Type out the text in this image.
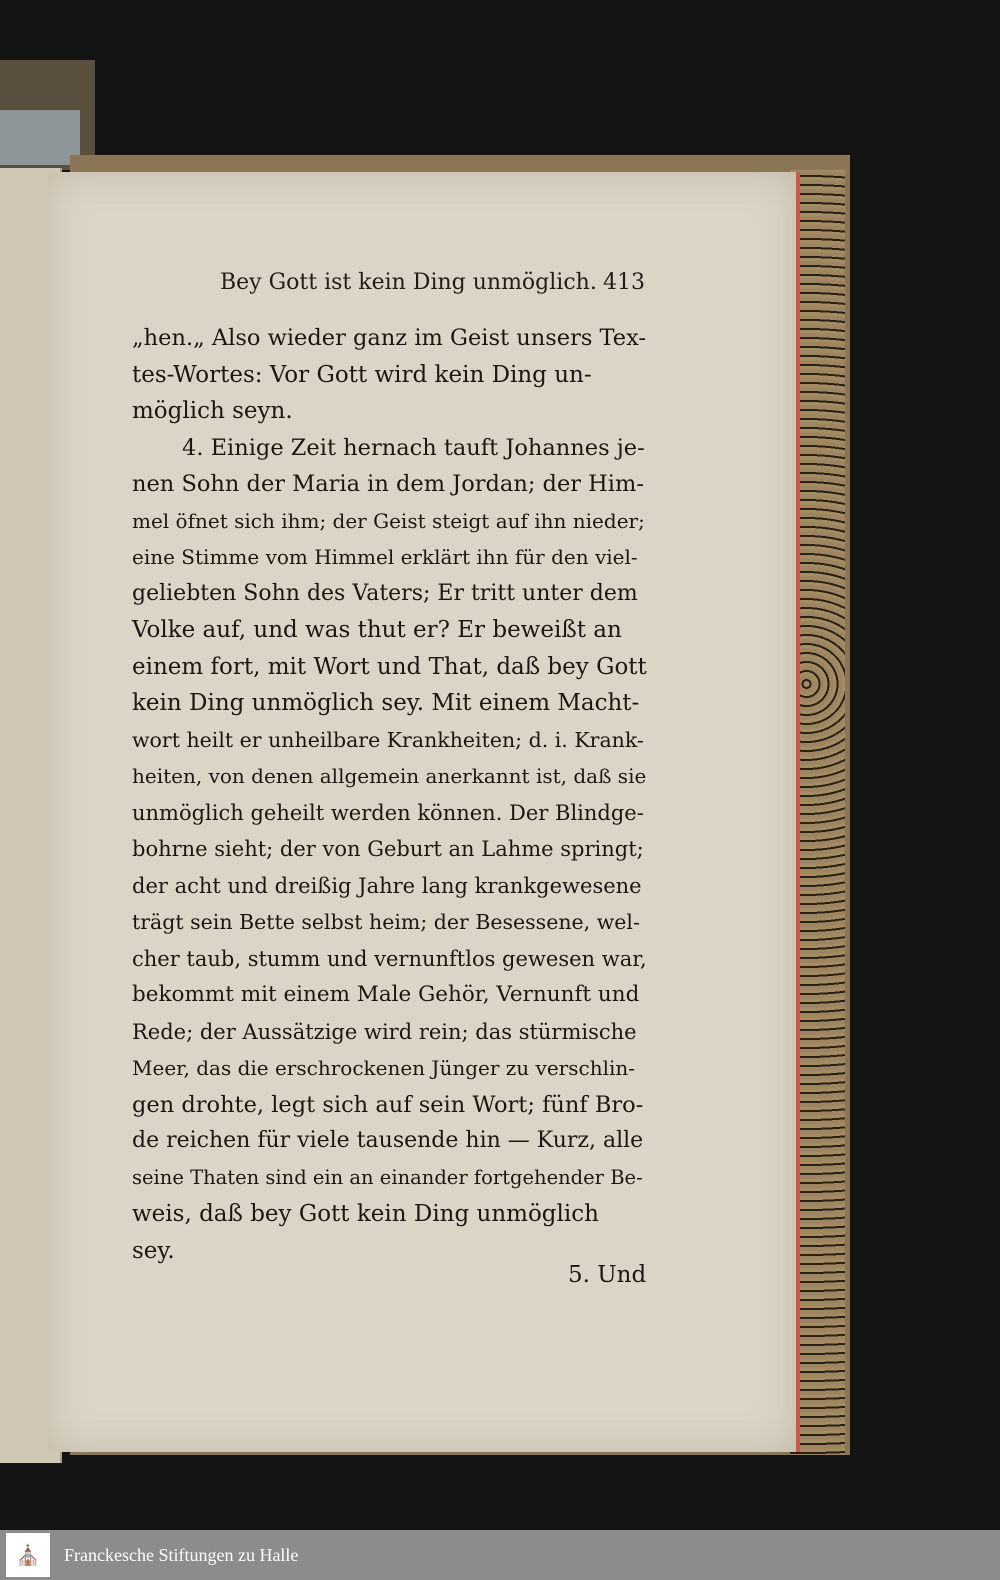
Bey Gott ist kein Ding unmöglich. 413
„hen.„ Also wieder ganz im Geist unsers Tex-
tes-Wortes: Vor Gott wird kein Ding un-
möglich seyn.
4. Einige Zeit hernach tauft Johannes je-
nen Sohn der Maria in dem Jordan; der Him-
mel öfnet sich ihm; der Geist steigt auf ihn nieder;
eine Stimme vom Himmel erklärt ihn für den viel-
geliebten Sohn des Vaters; Er tritt unter dem
Volke auf, und was thut er? Er beweißt an
einem fort, mit Wort und That, daß bey Gott
kein Ding unmöglich sey. Mit einem Macht-
wort heilt er unheilbare Krankheiten; d. i. Krank-
heiten, von denen allgemein anerkannt ist, daß sie
unmöglich geheilt werden können. Der Blindge-
bohrne sieht; der von Geburt an Lahme springt;
der acht und dreißig Jahre lang krankgewesene
trägt sein Bette selbst heim; der Besessene, wel-
cher taub, stumm und vernunftlos gewesen war,
bekommt mit einem Male Gehör, Vernunft und
Rede; der Aussätzige wird rein; das stürmische
Meer, das die erschrockenen Jünger zu verschlin-
gen drohte, legt sich auf sein Wort; fünf Bro-
de reichen für viele tausende hin — Kurz, alle
seine Thaten sind ein an einander fortgehender Be-
weis, daß bey Gott kein Ding unmöglich
sey.
5. Und
⛪	Franckesche Stiftungen zu Halle
